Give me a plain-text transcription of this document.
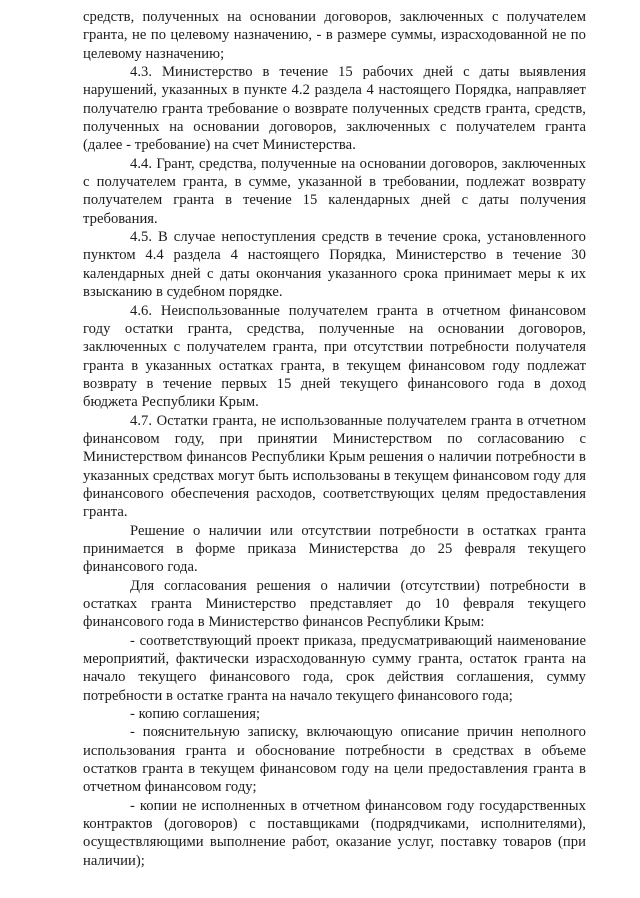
средств, полученных на основании договоров, заключенных с получателем гранта, не по целевому назначению, - в размере суммы, израсходованной не по целевому назначению;

4.3. Министерство в течение 15 рабочих дней с даты выявления нарушений, указанных в пункте 4.2 раздела 4 настоящего Порядка, направляет получателю гранта требование о возврате полученных средств гранта, средств, полученных на основании договоров, заключенных с получателем гранта (далее - требование) на счет Министерства.

4.4. Грант, средства, полученные на основании договоров, заключенных с получателем гранта, в сумме, указанной в требовании, подлежат возврату получателем гранта в течение 15 календарных дней с даты получения требования.

4.5. В случае непоступления средств в течение срока, установленного пунктом 4.4 раздела 4 настоящего Порядка, Министерство в течение 30 календарных дней с даты окончания указанного срока принимает меры к их взысканию в судебном порядке.

4.6. Неиспользованные получателем гранта в отчетном финансовом году остатки гранта, средства, полученные на основании договоров, заключенных с получателем гранта, при отсутствии потребности получателя гранта в указанных остатках гранта, в текущем финансовом году подлежат возврату в течение первых 15 дней текущего финансового года в доход бюджета Республики Крым.

4.7. Остатки гранта, не использованные получателем гранта в отчетном финансовом году, при принятии Министерством по согласованию с Министерством финансов Республики Крым решения о наличии потребности в указанных средствах могут быть использованы в текущем финансовом году для финансового обеспечения расходов, соответствующих целям предоставления гранта.

Решение о наличии или отсутствии потребности в остатках гранта принимается в форме приказа Министерства до 25 февраля текущего финансового года.

Для согласования решения о наличии (отсутствии) потребности в остатках гранта Министерство представляет до 10 февраля текущего финансового года в Министерство финансов Республики Крым:

- соответствующий проект приказа, предусматривающий наименование мероприятий, фактически израсходованную сумму гранта, остаток гранта на начало текущего финансового года, срок действия соглашения, сумму потребности в остатке гранта на начало текущего финансового года;

- копию соглашения;

- пояснительную записку, включающую описание причин неполного использования гранта и обоснование потребности в средствах в объеме остатков гранта в текущем финансовом году на цели предоставления гранта в отчетном финансовом году;

- копии не исполненных в отчетном финансовом году государственных контрактов (договоров) с поставщиками (подрядчиками, исполнителями), осуществляющими выполнение работ, оказание услуг, поставку товаров (при наличии);
